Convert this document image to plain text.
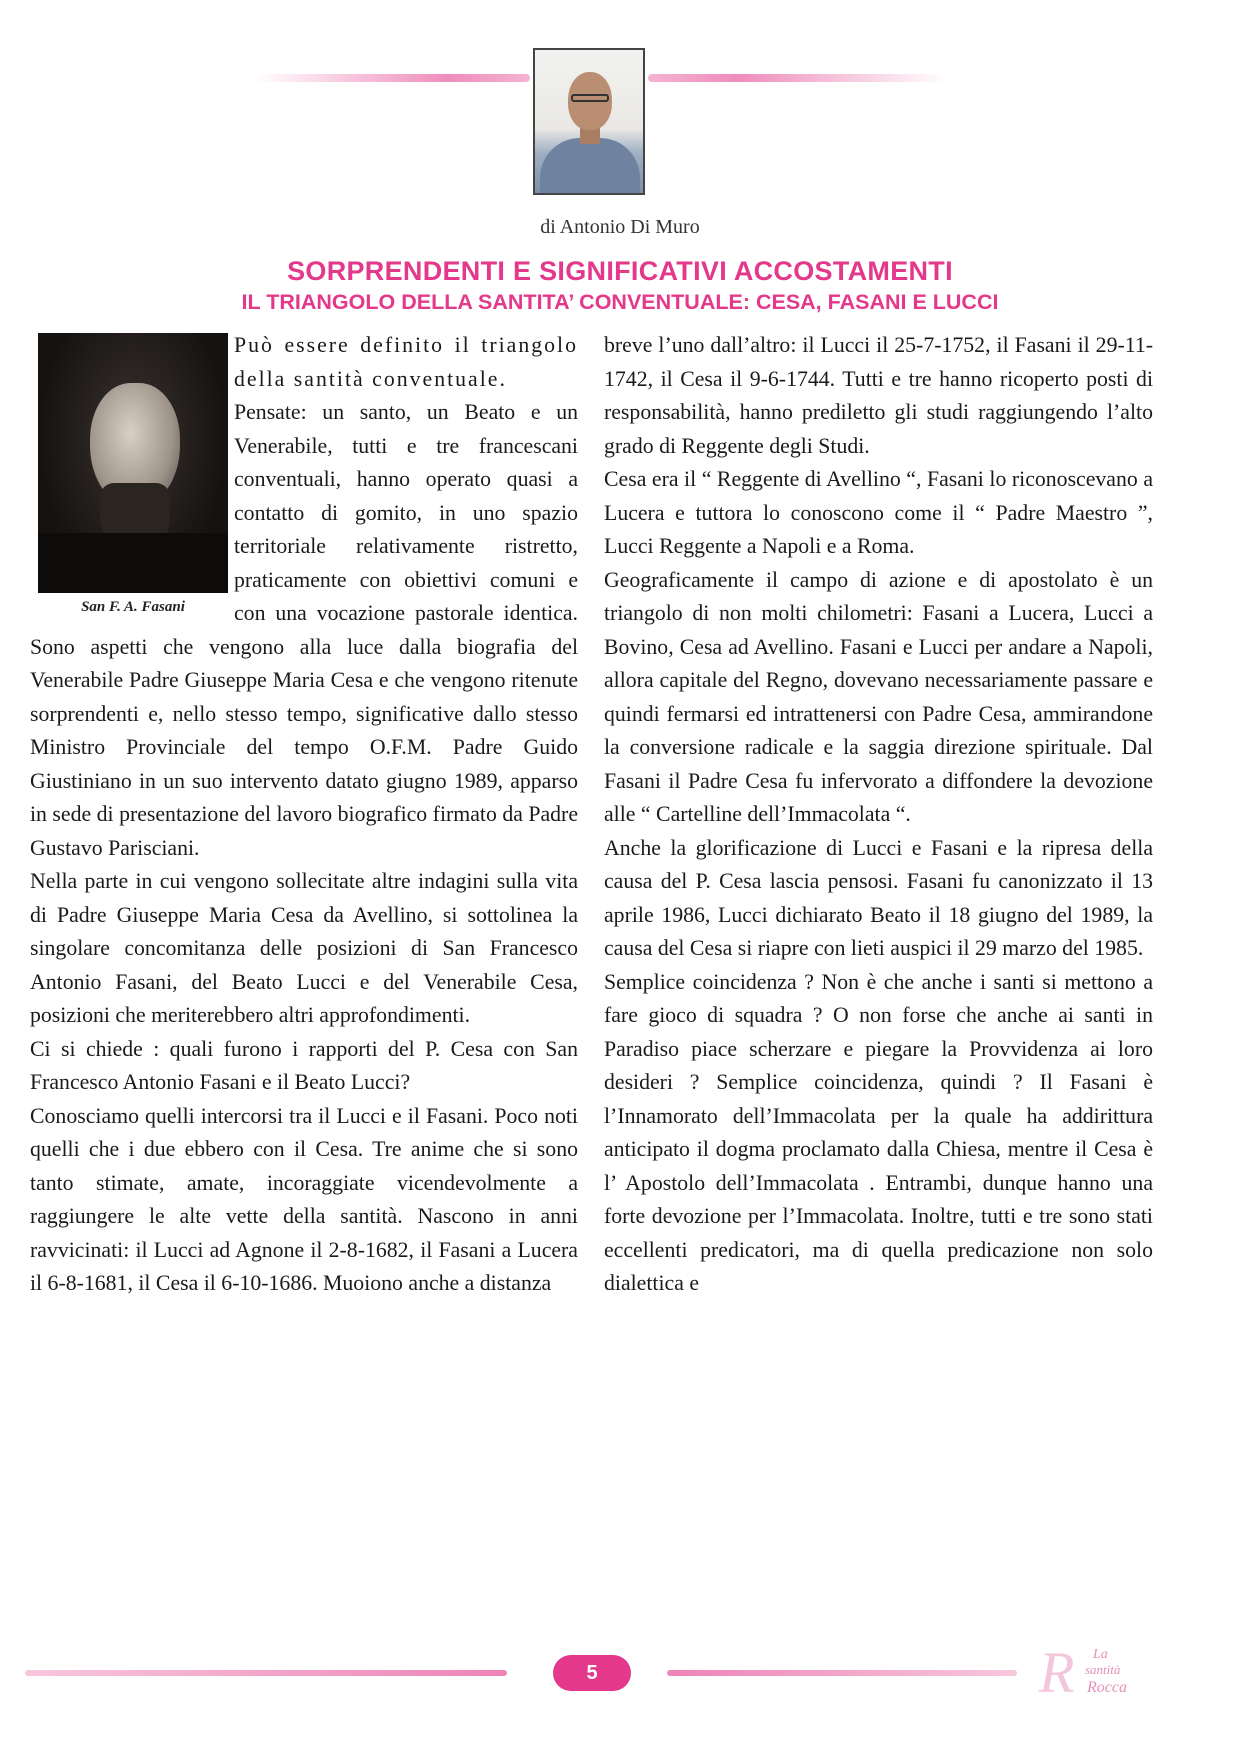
di Antonio Di Muro
SORPRENDENTI E SIGNIFICATIVI ACCOSTAMENTI
IL TRIANGOLO DELLA SANTITA’ CONVENTUALE: CESA, FASANI E LUCCI
San F. A. Fasani

Può essere definito il triangolo della santità conventuale.

Pensate: un santo, un Beato e un Venerabile, tutti e tre francescani conventuali, hanno operato quasi a contatto di gomito, in uno spazio territoriale relativamente ristretto, praticamente con obiettivi comuni e con una vocazione pastorale identica. Sono aspetti che vengono alla luce dalla biografia del Venerabile Padre Giuseppe Maria Cesa e che vengono ritenute sorprendenti e, nello stesso tempo, significative dallo stesso Ministro Provinciale del tempo O.F.M. Padre Guido Giustiniano in un suo intervento datato giugno 1989, apparso in sede di presentazione del lavoro biografico firmato da Padre Gustavo Parisciani.

Nella parte in cui vengono sollecitate altre indagini sulla vita di Padre Giuseppe Maria Cesa da Avellino, si sottolinea la singolare concomitanza delle posizioni di San Francesco Antonio Fasani, del Beato Lucci e del Venerabile Cesa, posizioni che meriterebbero altri approfondimenti.

Ci si chiede : quali furono i rapporti del P. Cesa con San Francesco Antonio Fasani e il Beato Lucci?

Conosciamo quelli intercorsi tra il Lucci e il Fasani. Poco noti quelli che i due ebbero con il Cesa. Tre anime che si sono tanto stimate, amate, incoraggiate vicendevolmente a raggiungere le alte vette della santità. Nascono in anni ravvicinati: il Lucci ad Agnone il 2-8-1682, il Fasani a Lucera il 6-8-1681, il Cesa il 6-10-1686. Muoiono anche a distanza

breve l’uno dall’altro: il Lucci il 25-7-1752, il Fasani il 29-11-1742, il Cesa il 9-6-1744. Tutti e tre hanno ricoperto posti di responsabilità, hanno prediletto gli studi raggiungendo l’alto grado di Reggente degli Studi.

Cesa era il “ Reggente di Avellino “, Fasani lo riconoscevano a Lucera e tuttora lo conoscono come il “ Padre Maestro ”, Lucci Reggente a Napoli e a Roma.

Geograficamente il campo di azione e di apostolato è un triangolo di non molti chilometri: Fasani a Lucera, Lucci a Bovino, Cesa ad Avellino. Fasani e Lucci per andare a Napoli, allora capitale del Regno, dovevano necessariamente passare e quindi fermarsi ed intrattenersi con Padre Cesa, ammirandone la conversione radicale e la saggia direzione spirituale. Dal Fasani il Padre Cesa fu infervorato a diffondere la devozione alle “ Cartelline dell’Immacolata “.

Anche la glorificazione di Lucci e Fasani e la ripresa della causa del P. Cesa lascia pensosi. Fasani fu canonizzato il 13 aprile 1986, Lucci dichiarato Beato il 18 giugno del 1989, la causa del Cesa si riapre con lieti auspici il 29 marzo del 1985.

Semplice coincidenza ? Non è che anche i santi si mettono a fare gioco di squadra ? O non forse che anche ai santi in Paradiso piace scherzare e piegare la Provvidenza ai loro desideri ? Semplice coincidenza, quindi ? Il Fasani è l’Innamorato dell’Immacolata per la quale ha addirittura anticipato il dogma proclamato dalla Chiesa, mentre il Cesa è l’ Apostolo dell’Immacolata . Entrambi, dunque hanno una forte devozione per l’Immacolata. Inoltre, tutti e tre sono stati eccellenti predicatori, ma di quella predicazione non solo dialettica e

5	R La
santità
Rocca
